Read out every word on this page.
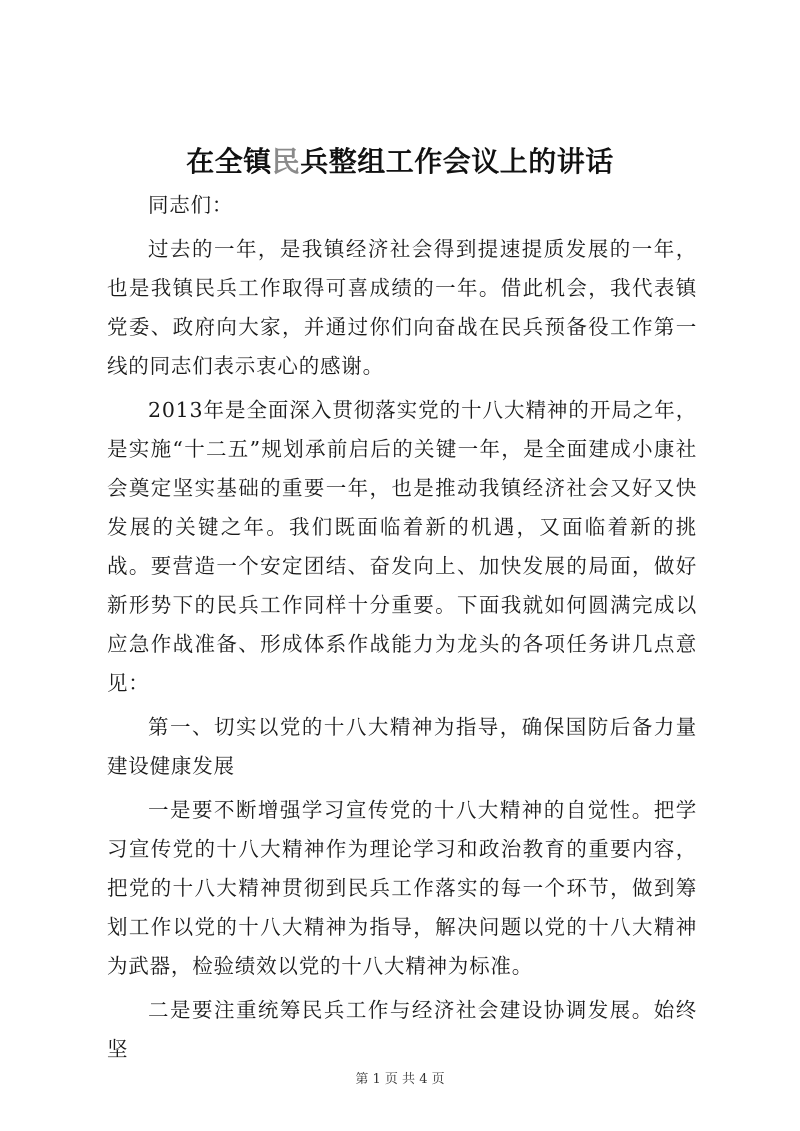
在全镇民兵整组工作会议上的讲话

同志们：

过去的一年，是我镇经济社会得到提速提质发展的一年，也是我镇民兵工作取得可喜成绩的一年。借此机会，我代表镇党委、政府向大家，并通过你们向奋战在民兵预备役工作第一线的同志们表示衷心的感谢。

2013年是全面深入贯彻落实党的十八大精神的开局之年，是实施“十二五”规划承前启后的关键一年，是全面建成小康社会奠定坚实基础的重要一年，也是推动我镇经济社会又好又快发展的关键之年。我们既面临着新的机遇，又面临着新的挑战。要营造一个安定团结、奋发向上、加快发展的局面，做好新形势下的民兵工作同样十分重要。下面我就如何圆满完成以应急作战准备、形成体系作战能力为龙头的各项任务讲几点意见：

第一、切实以党的十八大精神为指导，确保国防后备力量建设健康发展

一是要不断增强学习宣传党的十八大精神的自觉性。把学习宣传党的十八大精神作为理论学习和政治教育的重要内容，把党的十八大精神贯彻到民兵工作落实的每一个环节，做到筹划工作以党的十八大精神为指导，解决问题以党的十八大精神为武器，检验绩效以党的十八大精神为标准。

二是要注重统筹民兵工作与经济社会建设协调发展。始终坚

第 1 页 共 4 页
